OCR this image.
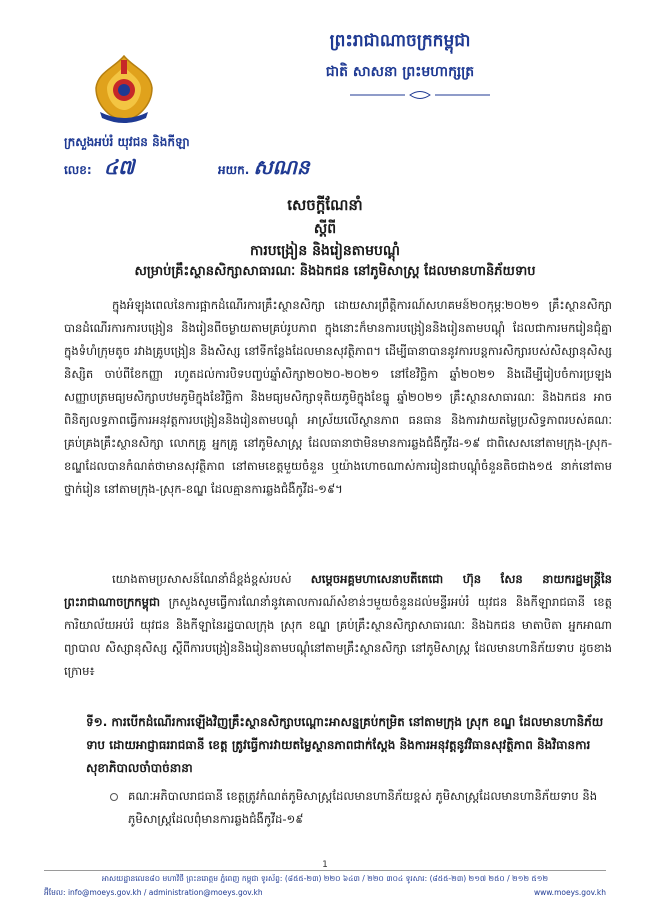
ព្រះរាជាណាចក្រកម្ពុជា
ជាតិ សាសនា ព្រះមហាក្សត្រ
ក្រសួងអប់រំ យុវជន និងកីឡា
លេខ: ៤៧	អយក. សណន
សេចក្តីណែនាំ
ស្តីពី
ការបង្រៀន និងរៀនតាមបណ្តុំ
សម្រាប់គ្រឹះស្ថានសិក្សាសាធារណៈ និងឯកជន នៅភូមិសាស្ត្រ ដែលមានហានិភ័យទាប
ក្នុងអំឡុងពេលនៃការផ្អាកដំណើរការគ្រឹះស្ថានសិក្សា ដោយសារព្រឹត្តិការណ៍សហគមន៍២០កុម្ភៈ២០២១ គ្រឹះស្ថានសិក្សាបានដំណើរការការបង្រៀន និងរៀនពីចម្ងាយតាមគ្រប់រូបភាព ក្នុងនោះក៏មានការបង្រៀននិងរៀនតាមបណ្តុំ ដែលជាការមករៀនជុំគ្នាក្នុងទំហំក្រុមតូច រវាងគ្រូបង្រៀន និងសិស្ស នៅទីកន្លែងដែលមានសុវត្ថិភាព។ ដើម្បីធានាបាននូវការបន្តការសិក្សារបស់សិស្សានុសិស្ស និស្សិត ចាប់ពីខែកញ្ញា រហូតដល់ការបិទបញ្ចប់ឆ្នាំសិក្សា២០២០-២០២១ នៅខែវិច្ឆិកា ឆ្នាំ២០២១ និងដើម្បីរៀបចំការប្រឡងសញ្ញាបត្រមធ្យមសិក្សាបឋមភូមិក្នុងខែវិច្ឆិកា និងមធ្យមសិក្សាទុតិយភូមិក្នុងខែធ្នូ ឆ្នាំ២០២១ គ្រឹះស្ថានសាធារណៈ និងឯកជន អាចពិនិត្យលទ្ធភាពធ្វើការអនុវត្តការបង្រៀននិងរៀនតាមបណ្តុំ អាស្រ័យលើស្ថានភាព ធនធាន និងការវាយតម្លៃប្រសិទ្ធភាពរបស់គណៈគ្រប់គ្រងគ្រឹះស្ថានសិក្សា លោកគ្រូ អ្នកគ្រូ នៅភូមិសាស្ត្រ ដែលធានាថាមិនមានការឆ្លងជំងឺកូវីដ-១៩ ជាពិសេសនៅតាមក្រុង-ស្រុក-ខណ្ឌដែលបានកំណត់ថាមានសុវត្ថិភាព នៅតាមខេត្តមួយចំនួន ឬយ៉ាងហោចណាស់ការរៀនជាបណ្តុំចំនួនតិចជាង១៥ នាក់នៅតាមថ្នាក់រៀន នៅតាមក្រុង-ស្រុក-ខណ្ឌ ដែលគ្មានការឆ្លងជំងឺកូវីដ-១៩។
យោងតាមប្រសាសន៍ណែនាំដ៏ខ្ពង់ខ្ពស់របស់ សម្តេចអគ្គមហាសេនាបតីតេជោ ហ៊ុន សែន នាយករដ្ឋមន្ត្រីនៃព្រះរាជាណាចក្រកម្ពុជា ក្រសួងសូមធ្វើការណែនាំនូវគោលការណ៍សំខាន់ៗមួយចំនួនដល់មន្ទីរអប់រំ យុវជន និងកីឡារាជធានី ខេត្ត ការិយាល័យអប់រំ យុវជន និងកីឡានៃរដ្ឋបាលក្រុង ស្រុក ខណ្ឌ គ្រប់គ្រឹះស្ថានសិក្សាសាធារណៈ និងឯកជន មាតាបិតា អ្នកអាណាព្យាបាល សិស្សានុសិស្ស ស្តីពីការបង្រៀននិងរៀនតាមបណ្តុំនៅតាមគ្រឹះស្ថានសិក្សា នៅភូមិសាស្ត្រ ដែលមានហានិភ័យទាប ដូចខាងក្រោម៖
ទី១. ការបើកដំណើរការឡើងវិញគ្រឹះស្ថានសិក្សាបណ្តោះអាសន្នគ្រប់កម្រិត នៅតាមក្រុង ស្រុក ខណ្ឌ ដែលមានហានិភ័យទាប ដោយអាជ្ញាធររាជធានី ខេត្ត ត្រូវធ្វើការវាយតម្លៃស្ថានភាពជាក់ស្តែង និងការអនុវត្តនូវវិធានសុវត្ថិភាព និងវិធានការសុខាភិបាលចាំបាច់នានា
គណៈអភិបាលរាជធានី ខេត្តត្រូវកំណត់ភូមិសាស្ត្រដែលមានហានិភ័យខ្ពស់ ភូមិសាស្ត្រដែលមានហានិភ័យទាប និងភូមិសាស្ត្រដែលពុំមានការឆ្លងជំងឺកូវីដ-១៩
1
អាសយដ្ឋានលេខ៨០ មហាវិថី ព្រះនរោត្តម ភ្នំពេញ កម្ពុជា ទូរស័ព្ទ: (៨៥៥-២៣) ២២០ ៦៤៣ / ២២០ ៣០៤ ទូរសារ: (៨៥៥-២៣) ២១៧ ២៥០ / ២១២ ៥១២
អ៊ីមែល: info@moeys.gov.kh / administration@moeys.gov.kh	www.moeys.gov.kh
